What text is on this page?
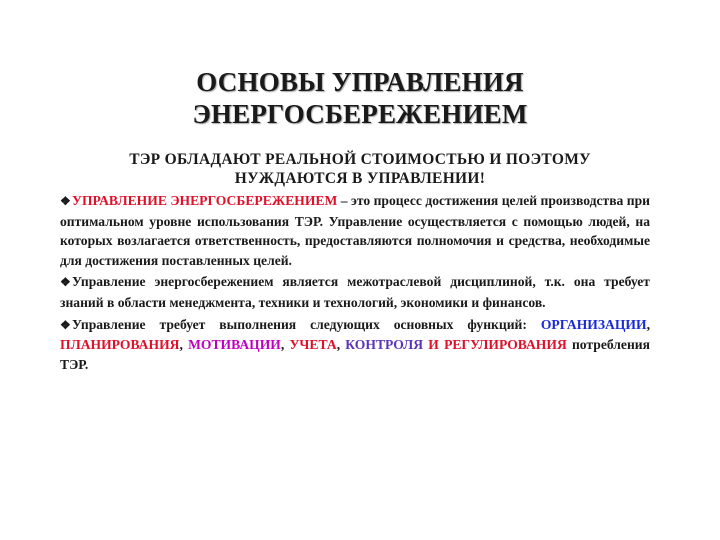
ОСНОВЫ УПРАВЛЕНИЯ
ЭНЕРГОСБЕРЕЖЕНИЕМ
ТЭР ОБЛАДАЮТ РЕАЛЬНОЙ СТОИМОСТЬЮ И ПОЭТОМУ
НУЖДАЮТСЯ В УПРАВЛЕНИИ!

❖УПРАВЛЕНИЕ ЭНЕРГОСБЕРЕЖЕНИЕМ – это процесс достижения целей производства при оптимальном уровне использования ТЭР. Управление осуществляется с помощью людей, на которых возлагается ответственность, предоставляются полномочия и средства, необходимые для достижения поставленных целей.

❖Управление энергосбережением является межотраслевой дисциплиной, т.к. она требует знаний в области менеджмента, техники и технологий, экономики и финансов.

❖Управление требует выполнения следующих основных функций: ОРГАНИЗАЦИИ, ПЛАНИРОВАНИЯ, МОТИВАЦИИ, УЧЕТА, КОНТРОЛЯ И РЕГУЛИРОВАНИЯ потребления ТЭР.
